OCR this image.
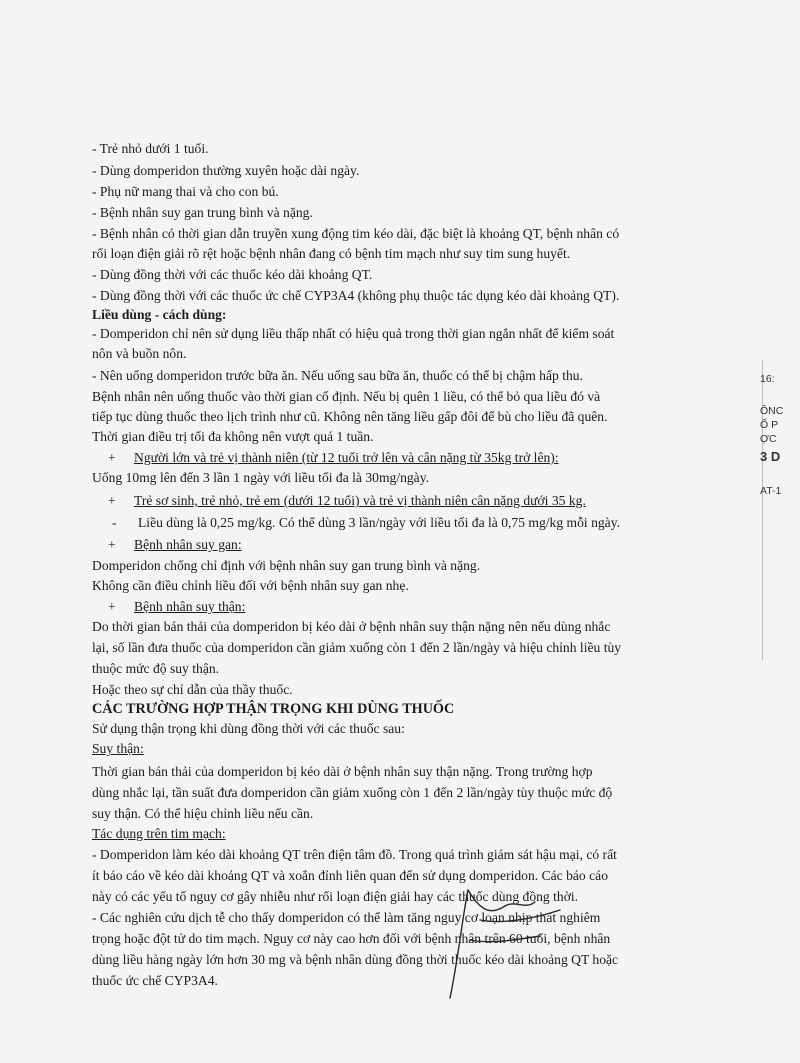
- Trẻ nhỏ dưới 1 tuổi.
- Dùng domperidon thường xuyên hoặc dài ngày.
- Phụ nữ mang thai và cho con bú.
- Bệnh nhân suy gan trung bình và nặng.
- Bệnh nhân có thời gian dẫn truyền xung động tim kéo dài, đặc biệt là khoảng QT, bệnh nhân có
rối loạn điện giải rõ rệt hoặc bệnh nhân đang có bệnh tim mạch như suy tim sung huyết.
- Dùng đồng thời với các thuốc kéo dài khoảng QT.
- Dùng đồng thời với các thuốc ức chế CYP3A4 (không phụ thuộc tác dụng kéo dài khoảng QT).
Liều dùng - cách dùng:
- Domperidon chỉ nên sử dụng liều thấp nhất có hiệu quả trong thời gian ngắn nhất để kiểm soát
nôn và buồn nôn.
- Nên uống domperidon trước bữa ăn. Nếu uống sau bữa ăn, thuốc có thể bị chậm hấp thu.
Bệnh nhân nên uống thuốc vào thời gian cố định. Nếu bị quên 1 liều, có thể bỏ qua liều đó và
tiếp tục dùng thuốc theo lịch trình như cũ. Không nên tăng liều gấp đôi để bù cho liều đã quên.
Thời gian điều trị tối đa không nên vượt quá 1 tuần.
+ Người lớn và trẻ vị thành niên (từ 12 tuổi trở lên và cân nặng từ 35kg trở lên):
Uống 10mg lên đến 3 lần 1 ngày với liều tối đa là 30mg/ngày.
+ Trẻ sơ sinh, trẻ nhỏ, trẻ em (dưới 12 tuổi) và trẻ vị thành niên cân nặng dưới 35 kg.
- Liều dùng là 0,25 mg/kg. Có thể dùng 3 lần/ngày với liều tối đa là 0,75 mg/kg mỗi ngày.
+ Bệnh nhân suy gan:
Domperidon chống chỉ định với bệnh nhân suy gan trung bình và nặng.
Không cần điều chỉnh liều đối với bệnh nhân suy gan nhẹ.
+ Bệnh nhân suy thận:
Do thời gian bán thải của domperidon bị kéo dài ở bệnh nhân suy thận nặng nên nếu dùng nhắc
lại, số lần đưa thuốc của domperidon cần giảm xuống còn 1 đến 2 lần/ngày và hiệu chỉnh liều tùy
thuộc mức độ suy thận.
Hoặc theo sự chỉ dẫn của thầy thuốc.
CÁC TRƯỜNG HỢP THẬN TRỌNG KHI DÙNG THUỐC
Sử dụng thận trọng khi dùng đồng thời với các thuốc sau:
Suy thận:
Thời gian bán thải của domperidon bị kéo dài ở bệnh nhân suy thận nặng. Trong trường hợp
dùng nhắc lại, tần suất đưa domperidon cần giảm xuống còn 1 đến 2 lần/ngày tùy thuộc mức độ
suy thận. Có thể hiệu chỉnh liều nếu cần.
Tác dụng trên tim mạch:
- Domperidon làm kéo dài khoảng QT trên điện tâm đồ. Trong quá trình giám sát hậu mại, có rất
ít báo cáo về kéo dài khoảng QT và xoắn đỉnh liên quan đến sử dụng domperidon. Các báo cáo
này có các yếu tố nguy cơ gây nhiễu như rối loạn điện giải hay các thuốc dùng đồng thời.
- Các nghiên cứu dịch tễ cho thấy domperidon có thể làm tăng nguy cơ loạn nhịp thất nghiêm
trọng hoặc đột tử do tim mạch. Nguy cơ này cao hơn đối với bệnh nhân trên 60 tuổi, bệnh nhân
dùng liều hàng ngày lớn hơn 30 mg và bệnh nhân dùng đồng thời thuốc kéo dài khoảng QT hoặc
thuốc ức chế CYP3A4.
16:
ÔNC
Ố P
ỢC
3 D
AT-1
